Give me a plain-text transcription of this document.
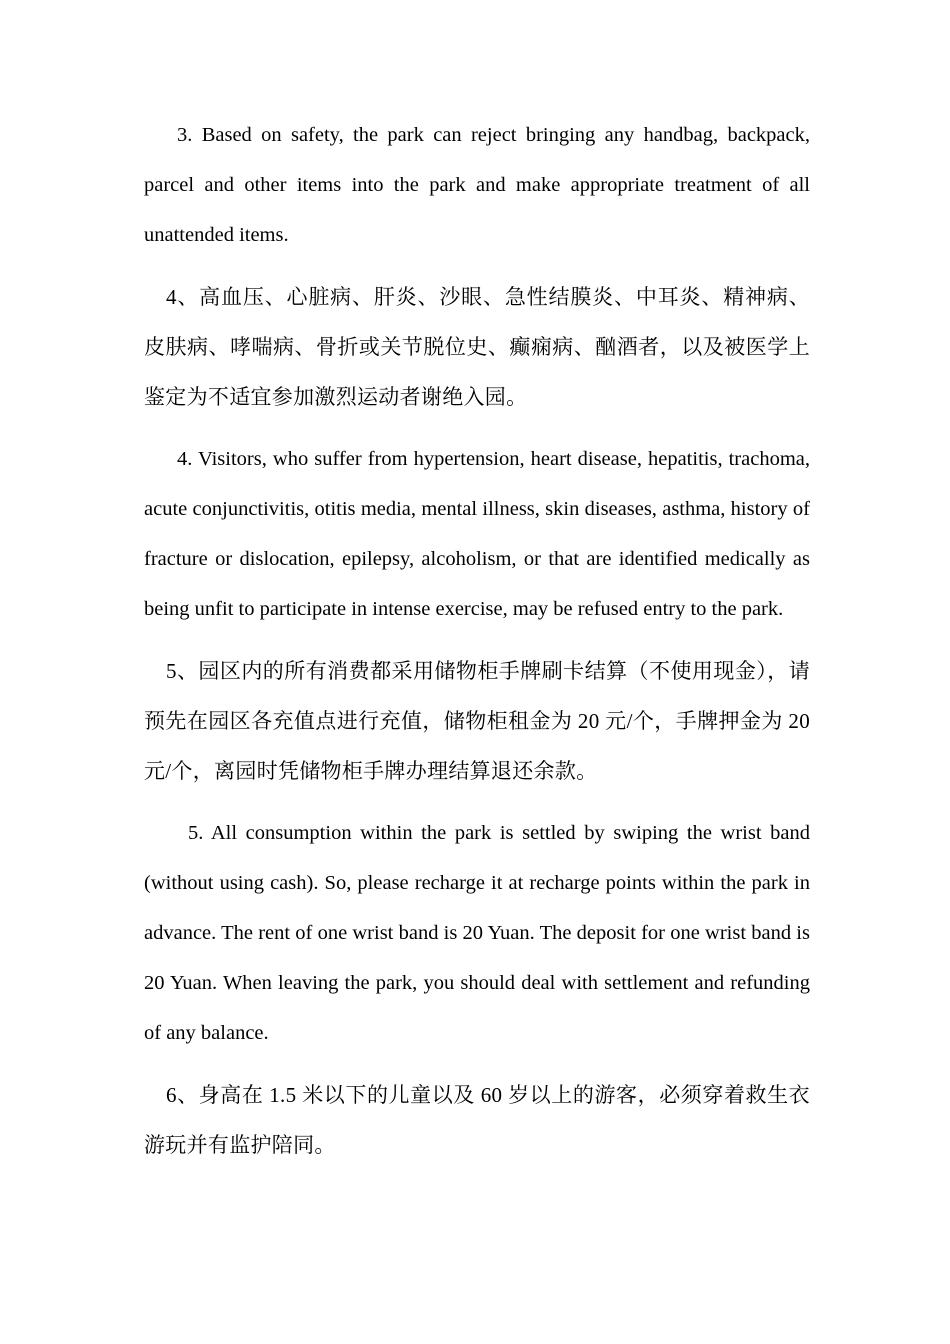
3. Based on safety, the park can reject bringing any handbag, backpack, parcel and other items into the park and make appropriate treatment of all unattended items.

4、高血压、心脏病、肝炎、沙眼、急性结膜炎、中耳炎、精神病、皮肤病、哮喘病、骨折或关节脱位史、癫痫病、酗酒者，以及被医学上鉴定为不适宜参加激烈运动者谢绝入园。

4. Visitors, who suffer from hypertension, heart disease, hepatitis, trachoma, acute conjunctivitis, otitis media, mental illness, skin diseases, asthma, history of fracture or dislocation, epilepsy, alcoholism, or that are identified medically as being unfit to participate in intense exercise, may be refused entry to the park.

5、园区内的所有消费都采用储物柜手牌刷卡结算（不使用现金），请预先在园区各充值点进行充值，储物柜租金为 20 元/个，手牌押金为 20 元/个，离园时凭储物柜手牌办理结算退还余款。

5. All consumption within the park is settled by swiping the wrist band (without using cash). So, please recharge it at recharge points within the park in advance. The rent of one wrist band is 20 Yuan. The deposit for one wrist band is 20 Yuan. When leaving the park, you should deal with settlement and refunding of any balance.

6、身高在 1.5 米以下的儿童以及 60 岁以上的游客，必须穿着救生衣游玩并有监护陪同。
